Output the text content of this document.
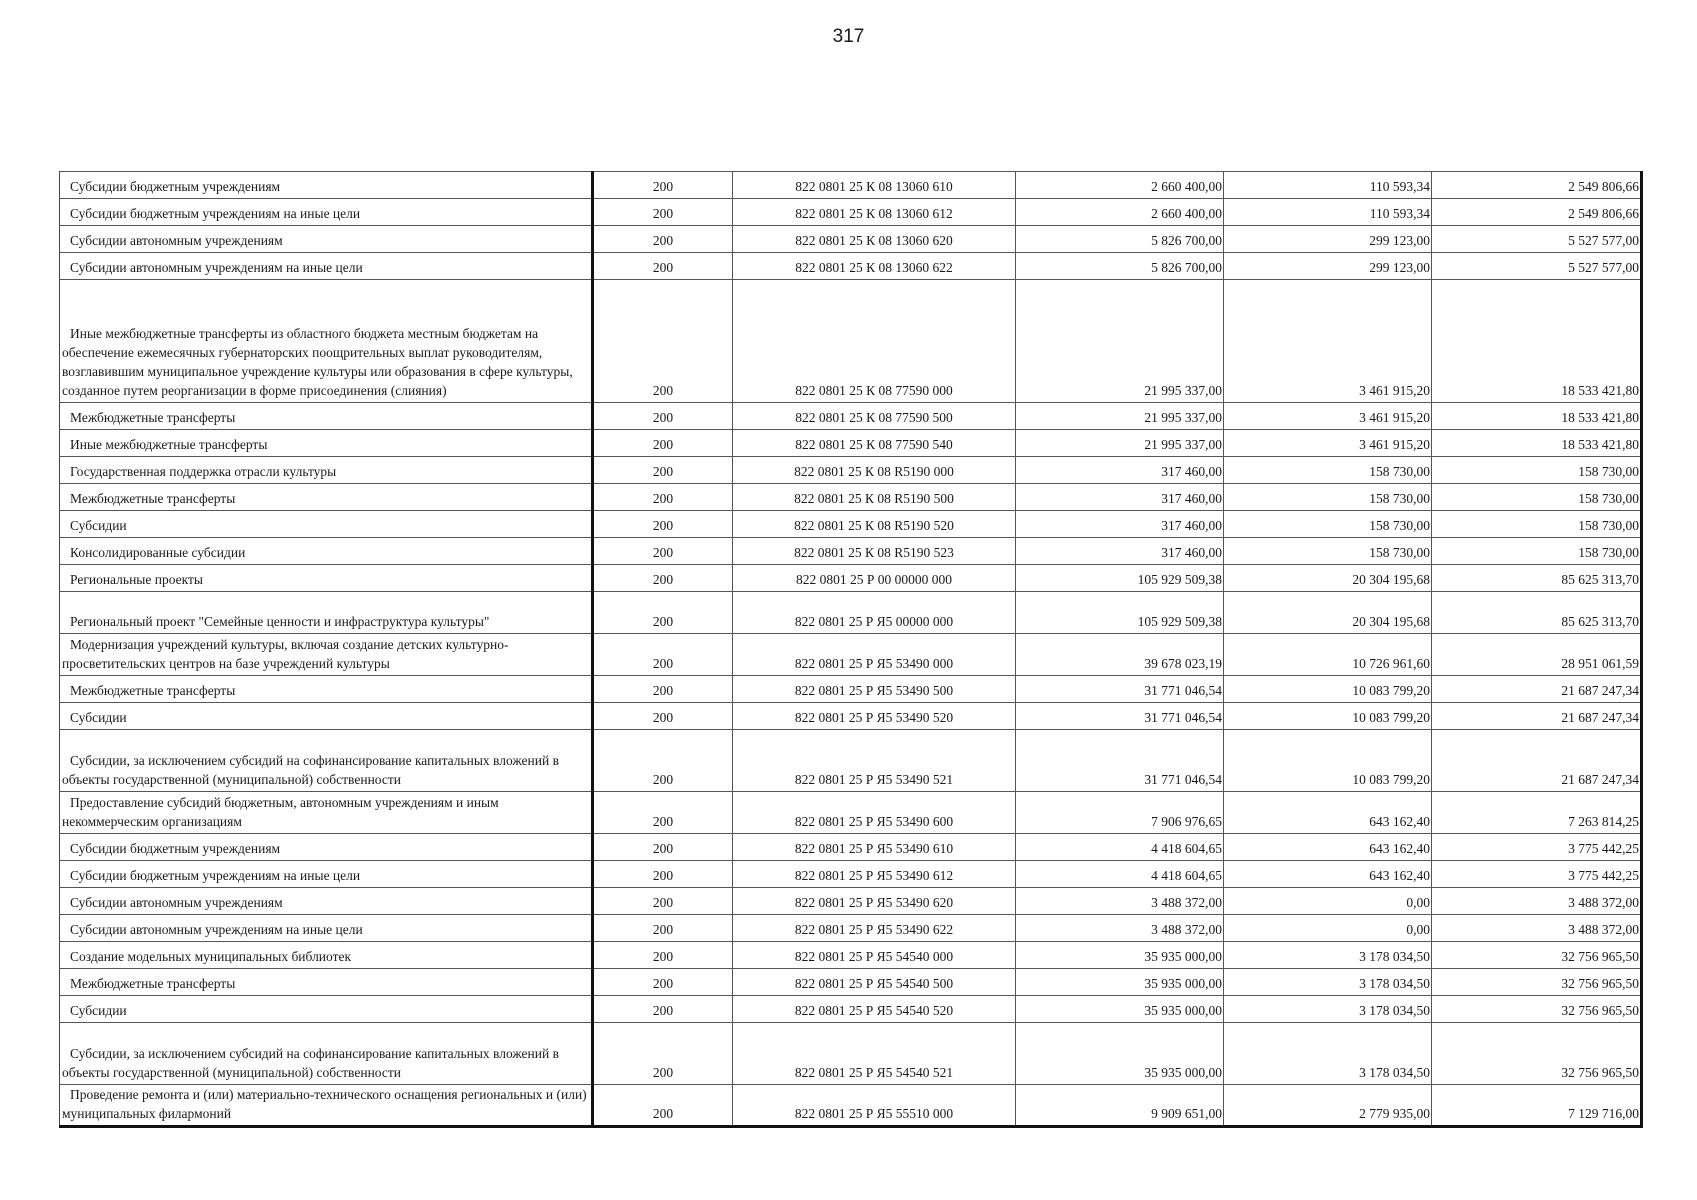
317
Субсидии бюджетным учреждениям	200	822 0801 25 К 08 13060 610	2 660 400,00	110 593,34	2 549 806,66
Субсидии бюджетным учреждениям на иные цели	200	822 0801 25 К 08 13060 612	2 660 400,00	110 593,34	2 549 806,66
Субсидии автономным учреждениям	200	822 0801 25 К 08 13060 620	5 826 700,00	299 123,00	5 527 577,00
Субсидии автономным учреждениям на иные цели	200	822 0801 25 К 08 13060 622	5 826 700,00	299 123,00	5 527 577,00
Иные межбюджетные трансферты из областного бюджета местным бюджетам на обеспечение ежемесячных губернаторских поощрительных выплат руководителям, возглавившим муниципальное учреждение культуры или образования в сфере культуры, созданное путем реорганизации в форме присоединения (слияния)	200	822 0801 25 К 08 77590 000	21 995 337,00	3 461 915,20	18 533 421,80
Межбюджетные трансферты	200	822 0801 25 К 08 77590 500	21 995 337,00	3 461 915,20	18 533 421,80
Иные межбюджетные трансферты	200	822 0801 25 К 08 77590 540	21 995 337,00	3 461 915,20	18 533 421,80
Государственная поддержка отрасли культуры	200	822 0801 25 К 08 R5190 000	317 460,00	158 730,00	158 730,00
Межбюджетные трансферты	200	822 0801 25 К 08 R5190 500	317 460,00	158 730,00	158 730,00
Субсидии	200	822 0801 25 К 08 R5190 520	317 460,00	158 730,00	158 730,00
Консолидированные субсидии	200	822 0801 25 К 08 R5190 523	317 460,00	158 730,00	158 730,00
Региональные проекты	200	822 0801 25 Р 00 00000 000	105 929 509,38	20 304 195,68	85 625 313,70
Региональный проект "Семейные ценности и инфраструктура культуры"	200	822 0801 25 Р Я5 00000 000	105 929 509,38	20 304 195,68	85 625 313,70
Модернизация учреждений культуры, включая создание детских культурно-просветительских центров на базе учреждений культуры	200	822 0801 25 Р Я5 53490 000	39 678 023,19	10 726 961,60	28 951 061,59
Межбюджетные трансферты	200	822 0801 25 Р Я5 53490 500	31 771 046,54	10 083 799,20	21 687 247,34
Субсидии	200	822 0801 25 Р Я5 53490 520	31 771 046,54	10 083 799,20	21 687 247,34
Субсидии, за исключением субсидий на софинансирование капитальных вложений в объекты государственной (муниципальной) собственности	200	822 0801 25 Р Я5 53490 521	31 771 046,54	10 083 799,20	21 687 247,34
Предоставление субсидий бюджетным, автономным учреждениям и иным некоммерческим организациям	200	822 0801 25 Р Я5 53490 600	7 906 976,65	643 162,40	7 263 814,25
Субсидии бюджетным учреждениям	200	822 0801 25 Р Я5 53490 610	4 418 604,65	643 162,40	3 775 442,25
Субсидии бюджетным учреждениям на иные цели	200	822 0801 25 Р Я5 53490 612	4 418 604,65	643 162,40	3 775 442,25
Субсидии автономным учреждениям	200	822 0801 25 Р Я5 53490 620	3 488 372,00	0,00	3 488 372,00
Субсидии автономным учреждениям на иные цели	200	822 0801 25 Р Я5 53490 622	3 488 372,00	0,00	3 488 372,00
Создание модельных муниципальных библиотек	200	822 0801 25 Р Я5 54540 000	35 935 000,00	3 178 034,50	32 756 965,50
Межбюджетные трансферты	200	822 0801 25 Р Я5 54540 500	35 935 000,00	3 178 034,50	32 756 965,50
Субсидии	200	822 0801 25 Р Я5 54540 520	35 935 000,00	3 178 034,50	32 756 965,50
Субсидии, за исключением субсидий на софинансирование капитальных вложений в объекты государственной (муниципальной) собственности	200	822 0801 25 Р Я5 54540 521	35 935 000,00	3 178 034,50	32 756 965,50
Проведение ремонта и (или) материально-технического оснащения региональных и (или) муниципальных филармоний	200	822 0801 25 Р Я5 55510 000	9 909 651,00	2 779 935,00	7 129 716,00
